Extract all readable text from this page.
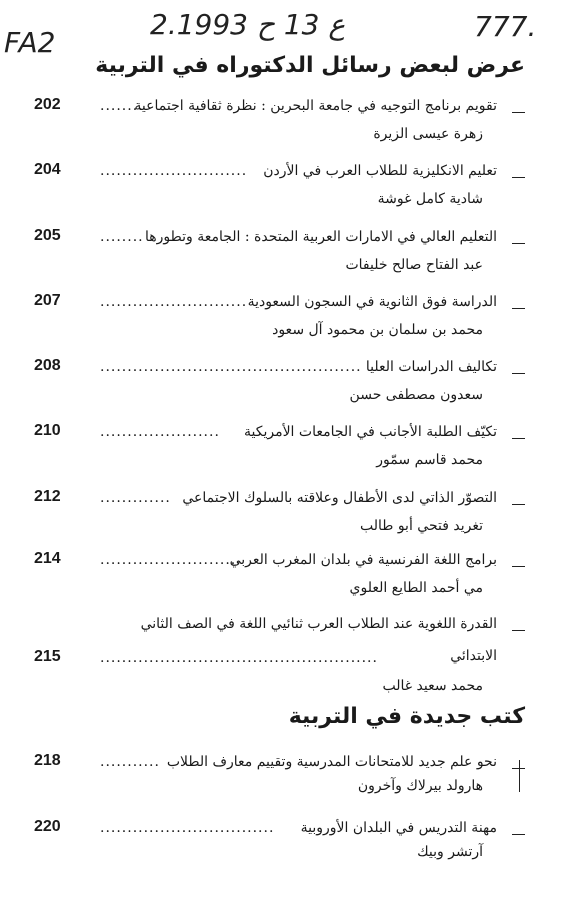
FA2
2.ع 13 ح 1993	777.
عرض لبعض رسائل الدكتوراه في التربية
تقويم برنامج التوجيه في جامعة البحرين : نظرة ثقافية اجتماعية
........
202
زهرة عيسى الزيرة
تعليم الانكليزية للطلاب العرب في الأردن
...........................
204
شادية كامل غوشة
التعليم العالي في الامارات العربية المتحدة : الجامعة وتطورها
........
205
عبد الفتاح صالح خليفات
الدراسة فوق الثانوية في السجون السعودية
...........................
207
محمد بن سلمان بن محمود آل سعود
تكاليف الدراسات العليا
................................................
208
سعدون مصطفى حسن
تكيّف الطلبة الأجانب في الجامعات الأمريكية
......................
210
محمد قاسم سمّور
التصوّر الذاتي لدى الأطفال وعلاقته بالسلوك الاجتماعي
.............
212
تغريد فتحي أبو طالب
برامج اللغة الفرنسية في بلدان المغرب العربي
..........................
214
مي أحمد الطايع العلوي
القدرة اللغوية عند الطلاب العرب ثنائيي اللغة في الصف الثاني
الابتدائي
...................................................
215
محمد سعيد غالب
كتب جديدة في التربية
نحو علم جديد للامتحانات المدرسية وتقييم معارف الطلاب
...........
218
هارولد بيرلاك وآخرون
مهنة التدريس في البلدان الأوروبية
................................
220
آرتشر وبيك
